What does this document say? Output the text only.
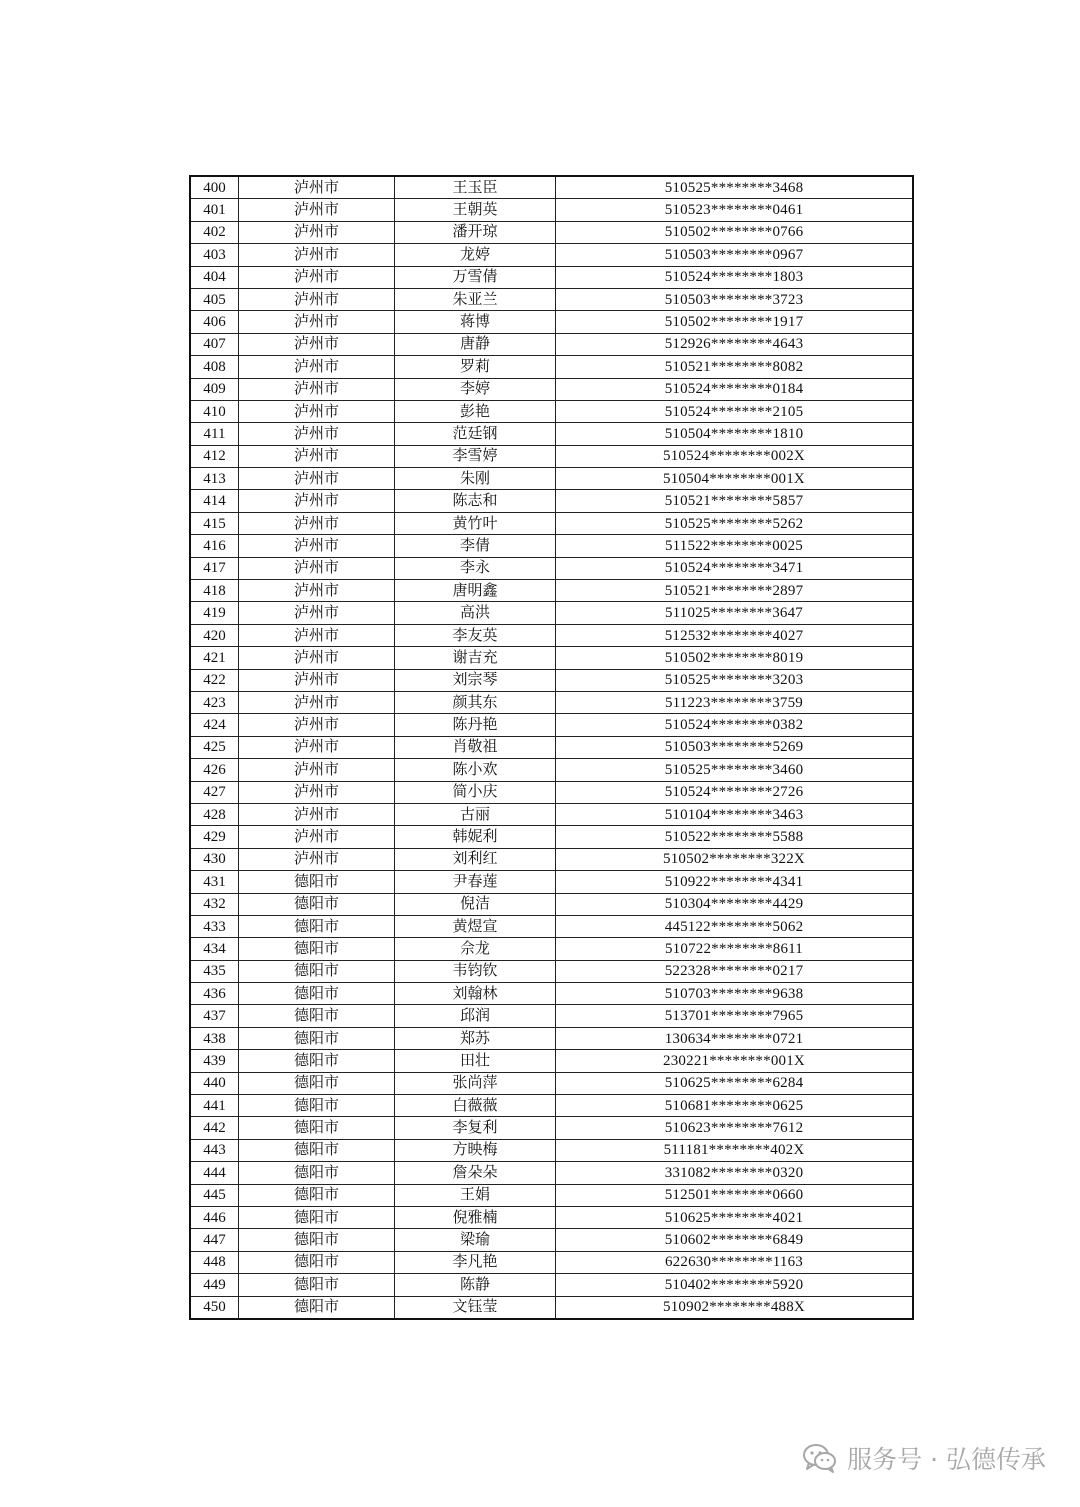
400	泸州市	王玉臣	510525********3468
401	泸州市	王朝英	510523********0461
402	泸州市	潘开琼	510502********0766
403	泸州市	龙婷	510503********0967
404	泸州市	万雪倩	510524********1803
405	泸州市	朱亚兰	510503********3723
406	泸州市	蒋博	510502********1917
407	泸州市	唐静	512926********4643
408	泸州市	罗莉	510521********8082
409	泸州市	李婷	510524********0184
410	泸州市	彭艳	510524********2105
411	泸州市	范廷钢	510504********1810
412	泸州市	李雪婷	510524********002X
413	泸州市	朱刚	510504********001X
414	泸州市	陈志和	510521********5857
415	泸州市	黄竹叶	510525********5262
416	泸州市	李倩	511522********0025
417	泸州市	李永	510524********3471
418	泸州市	唐明鑫	510521********2897
419	泸州市	高洪	511025********3647
420	泸州市	李友英	512532********4027
421	泸州市	谢吉充	510502********8019
422	泸州市	刘宗琴	510525********3203
423	泸州市	颜其东	511223********3759
424	泸州市	陈丹艳	510524********0382
425	泸州市	肖敬祖	510503********5269
426	泸州市	陈小欢	510525********3460
427	泸州市	简小庆	510524********2726
428	泸州市	古丽	510104********3463
429	泸州市	韩妮利	510522********5588
430	泸州市	刘利红	510502********322X
431	德阳市	尹春莲	510922********4341
432	德阳市	倪洁	510304********4429
433	德阳市	黄煜宣	445122********5062
434	德阳市	佘龙	510722********8611
435	德阳市	韦钧钦	522328********0217
436	德阳市	刘翰林	510703********9638
437	德阳市	邱润	513701********7965
438	德阳市	郑苏	130634********0721
439	德阳市	田壮	230221********001X
440	德阳市	张尚萍	510625********6284
441	德阳市	白薇薇	510681********0625
442	德阳市	李复利	510623********7612
443	德阳市	方映梅	511181********402X
444	德阳市	詹朵朵	331082********0320
445	德阳市	王娟	512501********0660
446	德阳市	倪雅楠	510625********4021
447	德阳市	梁瑜	510602********6849
448	德阳市	李凡艳	622630********1163
449	德阳市	陈静	510402********5920
450	德阳市	文钰莹	510902********488X
服务号 · 弘德传承
